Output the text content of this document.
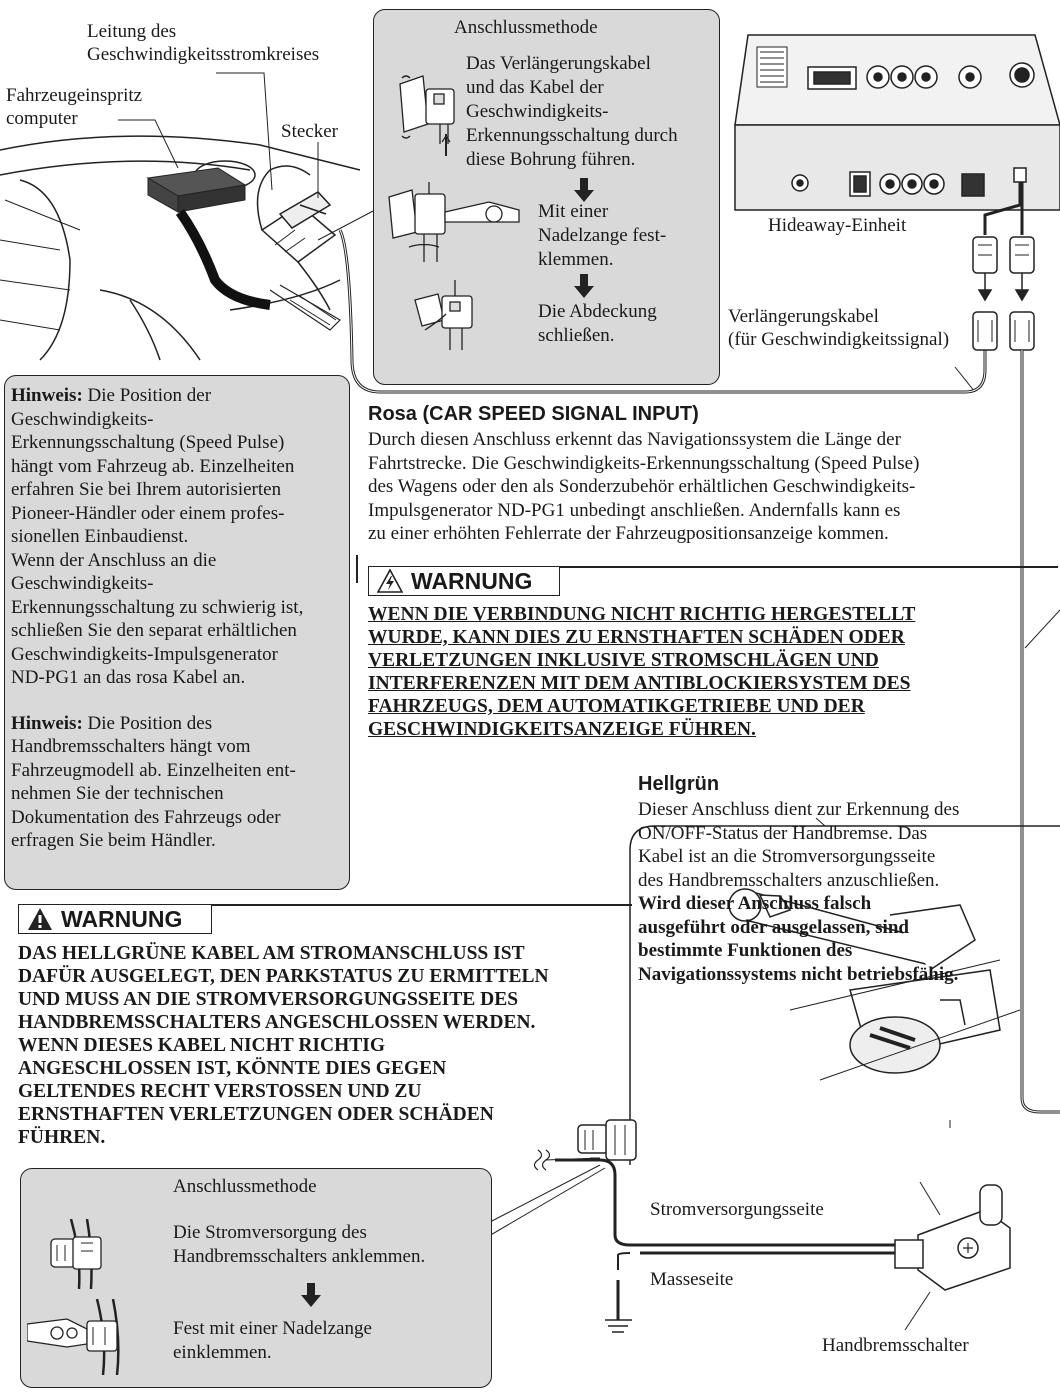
Leitung des
Geschwindigkeitsstromkreises
Fahrzeugeinspritz
computer
Stecker
Hideaway-Einheit
Verlängerungskabel
(für Geschwindigkeitssignal)
Anschlussmethode
Das Verlängerungskabel
und das Kabel der
Geschwindigkeits-
Erkennungsschaltung durch
diese Bohrung führen.
Mit einer
Nadelzange fest-
klemmen.
Die Abdeckung
schließen.
Hinweis: Die Position der
Geschwindigkeits-
Erkennungsschaltung (Speed Pulse)
hängt vom Fahrzeug ab. Einzelheiten
erfahren Sie bei Ihrem autorisierten
Pioneer-Händler oder einem profes-
sionellen Einbaudienst.
Wenn der Anschluss an die
Geschwindigkeits-
Erkennungsschaltung zu schwierig ist,
schließen Sie den separat erhältlichen
Geschwindigkeits-Impulsgenerator
ND-PG1 an das rosa Kabel an.
Hinweis: Die Position des
Handbremsschalters hängt vom
Fahrzeugmodell ab. Einzelheiten ent-
nehmen Sie der technischen
Dokumentation des Fahrzeugs oder
erfragen Sie beim Händler.
Rosa (CAR SPEED SIGNAL INPUT)
Durch diesen Anschluss erkennt das Navigationssystem die Länge der
Fahrtstrecke. Die Geschwindigkeits-Erkennungsschaltung (Speed Pulse)
des Wagens oder den als Sonderzubehör erhältlichen Geschwindigkeits-
Impulsgenerator ND-PG1 unbedingt anschließen. Andernfalls kann es
zu einer erhöhten Fehlerrate der Fahrzeugpositionsanzeige kommen.
WARNUNG
WENN DIE VERBINDUNG NICHT RICHTIG HERGESTELLT
WURDE, KANN DIES ZU ERNSTHAFTEN SCHÄDEN ODER
VERLETZUNGEN INKLUSIVE STROMSCHLÄGEN UND
INTERFERENZEN MIT DEM ANTIBLOCKIERSYSTEM DES
FAHRZEUGS, DEM AUTOMATIKGETRIEBE UND DER
GESCHWINDIGKEITSANZEIGE FÜHREN.
Hellgrün
Dieser Anschluss dient zur Erkennung des
ON/OFF-Status der Handbremse. Das
Kabel ist an die Stromversorgungsseite
des Handbremsschalters anzuschließen.
Wird dieser Anschluss falsch
ausgeführt oder ausgelassen, sind
bestimmte Funktionen des
Navigationssystems nicht betriebsfähig.
WARNUNG
DAS HELLGRÜNE KABEL AM STROMANSCHLUSS IST
DAFÜR AUSGELEGT, DEN PARKSTATUS ZU ERMITTELN
UND MUSS AN DIE STROMVERSORGUNGSSEITE DES
HANDBREMSSCHALTERS ANGESCHLOSSEN WERDEN.
WENN DIESES KABEL NICHT RICHTIG
ANGESCHLOSSEN IST, KÖNNTE DIES GEGEN
GELTENDES RECHT VERSTOSSEN UND ZU
ERNSTHAFTEN VERLETZUNGEN ODER SCHÄDEN
FÜHREN.
Anschlussmethode
Die Stromversorgung des
Handbremsschalters anklemmen.
Fest mit einer Nadelzange
einklemmen.
Stromversorgungsseite
Masseseite
Handbremsschalter
